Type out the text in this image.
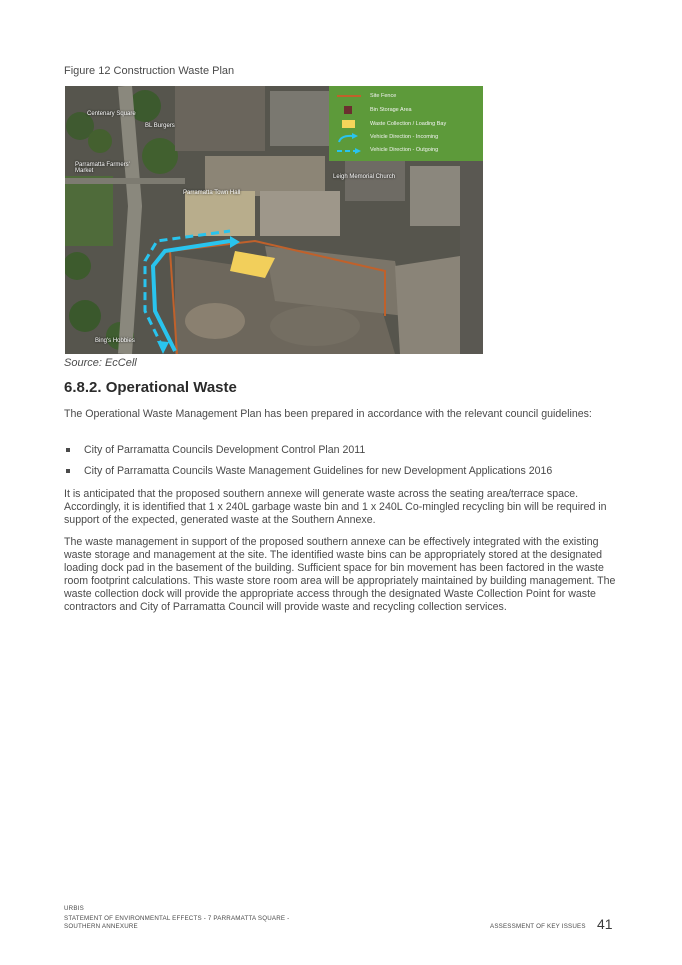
Figure 12 Construction Waste Plan
Centenary Square
BL Burgers
Parramatta Farmers' Market
Parramatta Town Hall
Leigh Memorial Church
Bing's Hobbies
Site Fence
Bin Storage Area
Waste Collection / Loading Bay
Vehicle Direction - Incoming
Vehicle Direction - Outgoing
Source: EcCell
6.8.2. Operational Waste
The Operational Waste Management Plan has been prepared in accordance with the relevant council guidelines:
City of Parramatta Councils Development Control Plan 2011
City of Parramatta Councils Waste Management Guidelines for new Development Applications 2016
It is anticipated that the proposed southern annexe will generate waste across the seating area/terrace space. Accordingly, it is identified that 1 x 240L garbage waste bin and 1 x 240L Co-mingled recycling bin will be required in support of the expected, generated waste at the Southern Annexe.
The waste management in support of the proposed southern annexe can be effectively integrated with the existing waste storage and management at the site. The identified waste bins can be appropriately stored at the designated loading dock pad in the basement of the building. Sufficient space for bin movement has been factored in the waste room footprint calculations. This waste store room area will be appropriately maintained by building management. The waste collection dock will provide the appropriate access through the designated Waste Collection Point for waste contractors and City of Parramatta Council will provide waste and recycling collection services.
URBIS
STATEMENT OF ENVIRONMENTAL EFFECTS - 7 PARRAMATTA SQUARE -
SOUTHERN ANNEXURE	ASSESSMENT OF KEY ISSUES 41
